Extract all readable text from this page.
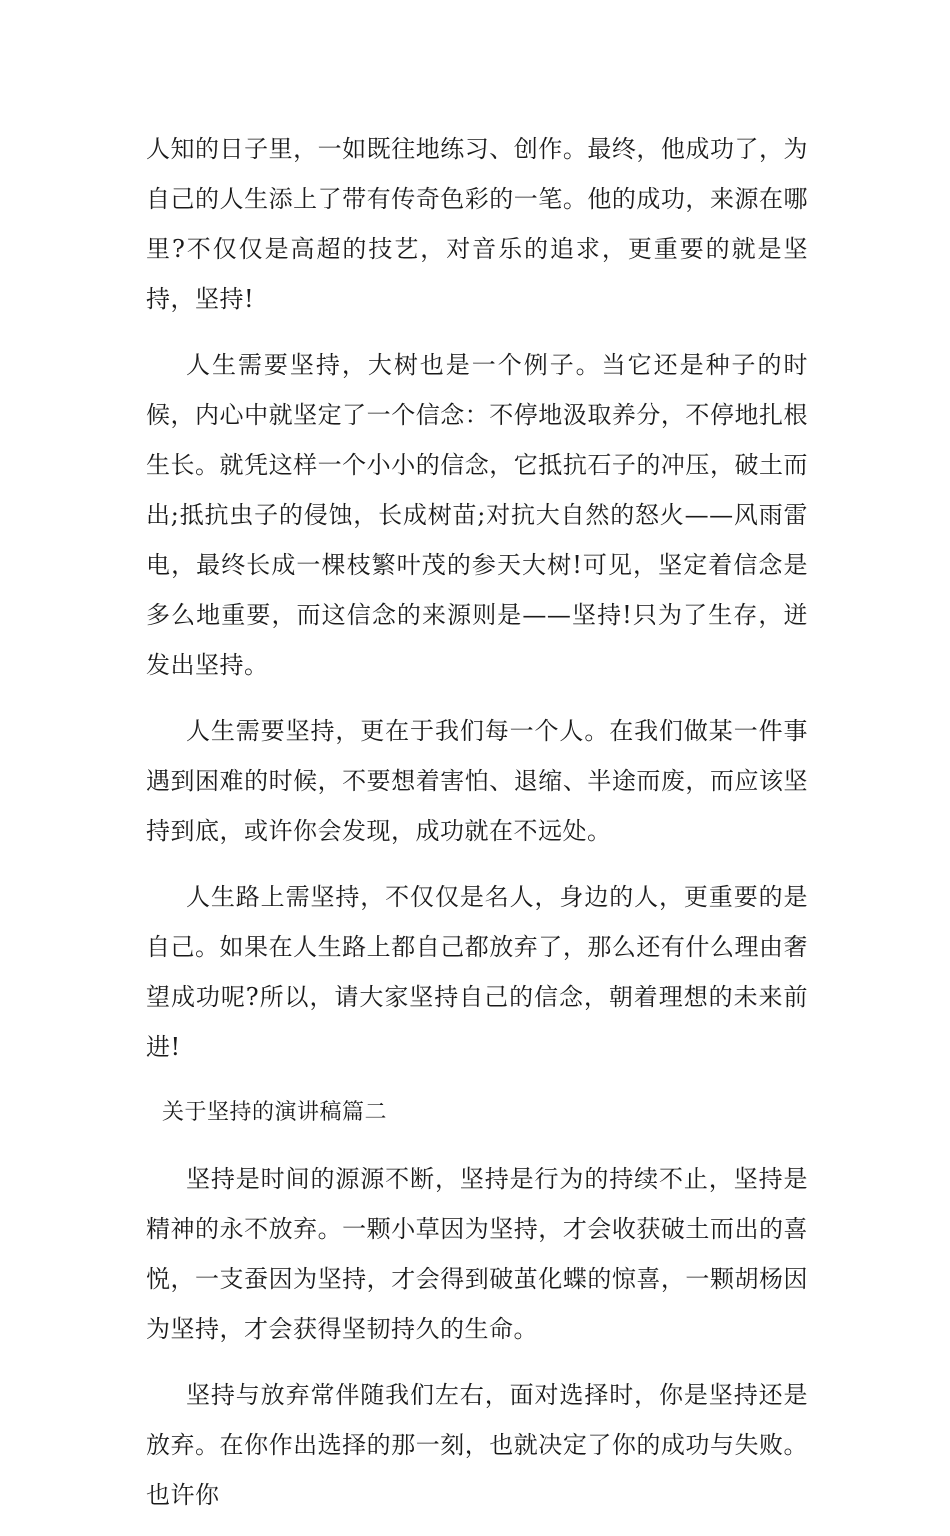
人知的日子里，一如既往地练习、创作。最终，他成功了，为自己的人生添上了带有传奇色彩的一笔。他的成功，来源在哪里?不仅仅是高超的技艺，对音乐的追求，更重要的就是坚持，坚持!

人生需要坚持，大树也是一个例子。当它还是种子的时候，内心中就坚定了一个信念：不停地汲取养分，不停地扎根生长。就凭这样一个小小的信念，它抵抗石子的冲压，破土而出;抵抗虫子的侵蚀，长成树苗;对抗大自然的怒火——风雨雷电，最终长成一棵枝繁叶茂的参天大树!可见，坚定着信念是多么地重要，而这信念的来源则是——坚持!只为了生存，迸发出坚持。

人生需要坚持，更在于我们每一个人。在我们做某一件事遇到困难的时候，不要想着害怕、退缩、半途而废，而应该坚持到底，或许你会发现，成功就在不远处。

人生路上需坚持，不仅仅是名人，身边的人，更重要的是自己。如果在人生路上都自己都放弃了，那么还有什么理由奢望成功呢?所以，请大家坚持自己的信念，朝着理想的未来前进!

关于坚持的演讲稿篇二

坚持是时间的源源不断，坚持是行为的持续不止，坚持是精神的永不放弃。一颗小草因为坚持，才会收获破土而出的喜悦，一支蚕因为坚持，才会得到破茧化蝶的惊喜，一颗胡杨因为坚持，才会获得坚韧持久的生命。

坚持与放弃常伴随我们左右，面对选择时，你是坚持还是放弃。在你作出选择的那一刻，也就决定了你的成功与失败。也许你
